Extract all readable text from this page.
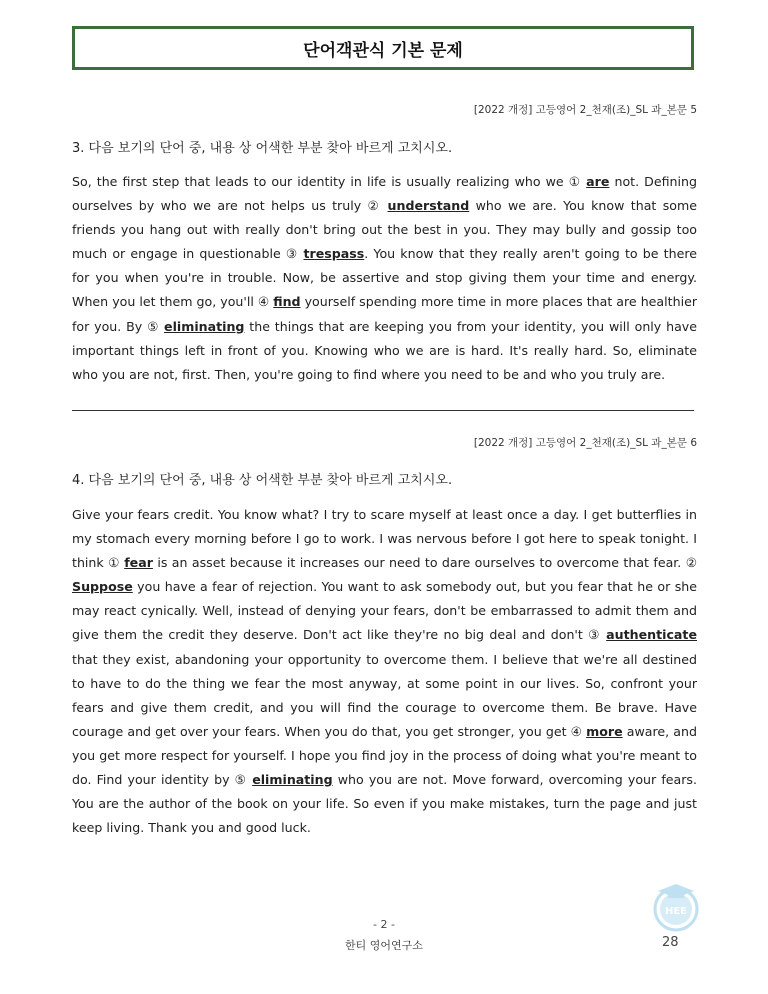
단어객관식 기본 문제
[2022 개정] 고등영어 2_천재(조)_SL 과_본문 5
3. 다음 보기의 단어 중, 내용 상 어색한 부분 찾아 바르게 고치시오.

So, the first step that leads to our identity in life is usually realizing who we ① are not. Defining ourselves by who we are not helps us truly ② understand who we are. You know that some friends you hang out with really don't bring out the best in you. They may bully and gossip too much or engage in questionable ③ trespass. You know that they really aren't going to be there for you when you're in trouble. Now, be assertive and stop giving them your time and energy. When you let them go, you'll ④ find yourself spending more time in more places that are healthier for you. By ⑤ eliminating the things that are keeping you from your identity, you will only have important things left in front of you. Knowing who we are is hard. It's really hard. So, eliminate who you are not, first. Then, you're going to find where you need to be and who you truly are.

[2022 개정] 고등영어 2_천재(조)_SL 과_본문 6
4. 다음 보기의 단어 중, 내용 상 어색한 부분 찾아 바르게 고치시오.

Give your fears credit. You know what? I try to scare myself at least once a day. I get butterflies in my stomach every morning before I go to work. I was nervous before I got here to speak tonight. I think ① fear is an asset because it increases our need to dare ourselves to overcome that fear. ② Suppose you have a fear of rejection. You want to ask somebody out, but you fear that he or she may react cynically. Well, instead of denying your fears, don't be embarrassed to admit them and give them the credit they deserve. Don't act like they're no big deal and don't ③ authenticate that they exist, abandoning your opportunity to overcome them. I believe that we're all destined to have to do the thing we fear the most anyway, at some point in our lives. So, confront your fears and give them credit, and you will find the courage to overcome them. Be brave. Have courage and get over your fears. When you do that, you get stronger, you get ④ more aware, and you get more respect for yourself. I hope you find joy in the process of doing what you're meant to do. Find your identity by ⑤ eliminating who you are not. Move forward, overcoming your fears. You are the author of the book on your life. So even if you make mistakes, turn the page and just keep living. Thank you and good luck.

- 2 -
한티 영어연구소	28
HEE
